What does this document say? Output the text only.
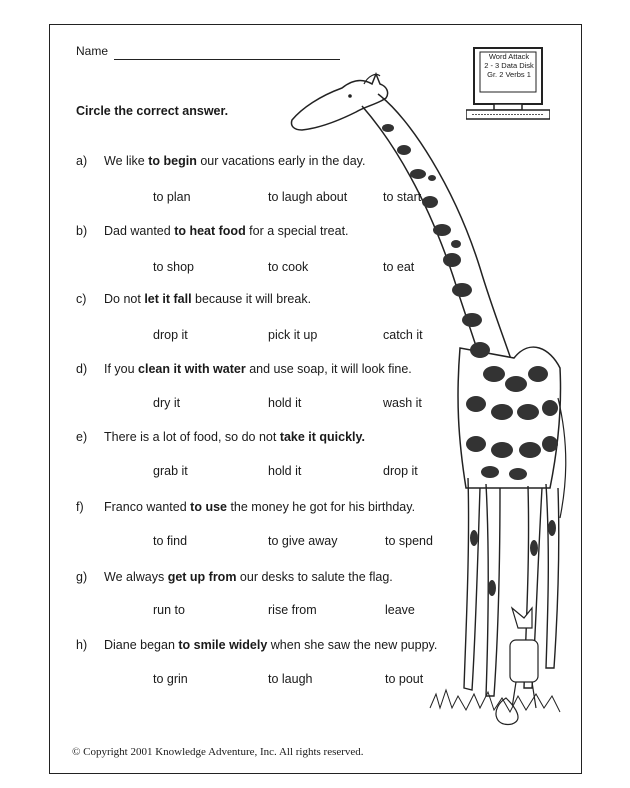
Name
Circle the correct answer.
Word Attack
2 - 3 Data Disk
Gr. 2 Verbs 1
a) We like to begin our vacations early in the day.
to plan	to laugh about	to start
b) Dad wanted to heat food for a special treat.
to shop	to cook	to eat
c) Do not let it fall because it will break.
drop it	pick it up	catch it
d) If you clean it with water and use soap, it will look fine.
dry it	hold it	wash it
e) There is a lot of food, so do not take it quickly.
grab it	hold it	drop it
f) Franco wanted to use the money he got for his birthday.
to find	to give away	to spend
g) We always get up from our desks to salute the flag.
run to	rise from	leave
h) Diane began to smile widely when she saw the new puppy.
to grin	to laugh	to pout
© Copyright 2001 Knowledge Adventure, Inc. All rights reserved.
